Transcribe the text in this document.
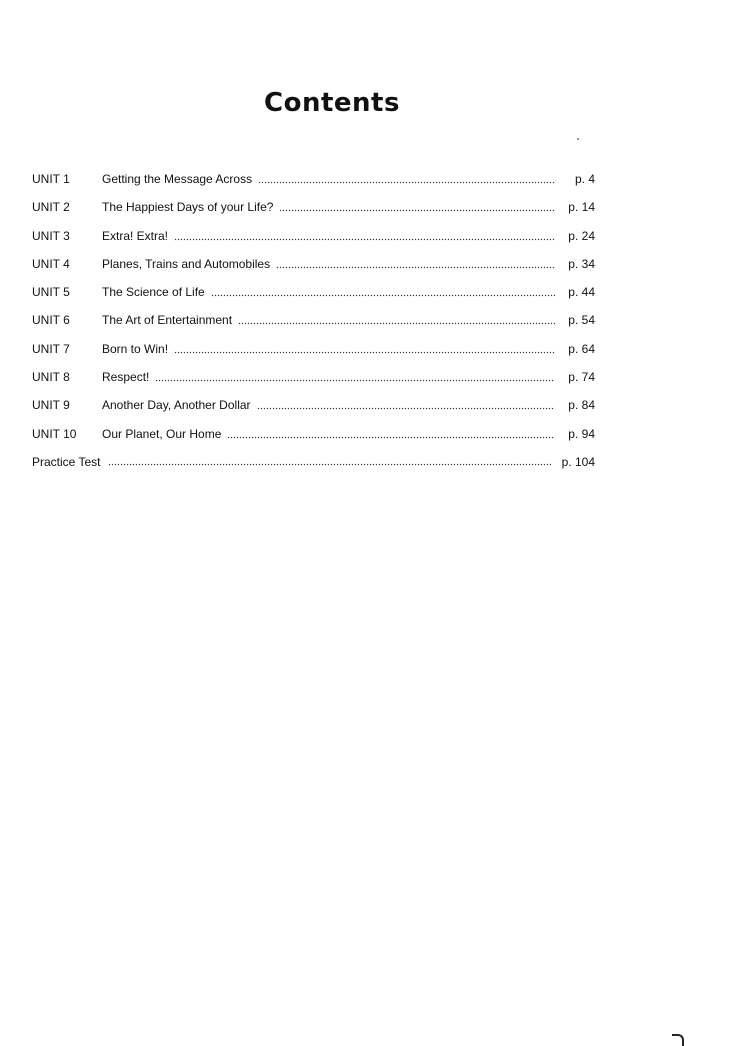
Contents
UNIT 1	Getting the Message Across	p. 4
UNIT 2	The Happiest Days of your Life?	p. 14
UNIT 3	Extra! Extra!	p. 24
UNIT 4	Planes, Trains and Automobiles	p. 34
UNIT 5	The Science of Life	p. 44
UNIT 6	The Art of Entertainment	p. 54
UNIT 7	Born to Win!	p. 64
UNIT 8	Respect!	p. 74
UNIT 9	Another Day, Another Dollar	p. 84
UNIT 10	Our Planet, Our Home	p. 94
Practice Test	p. 104
